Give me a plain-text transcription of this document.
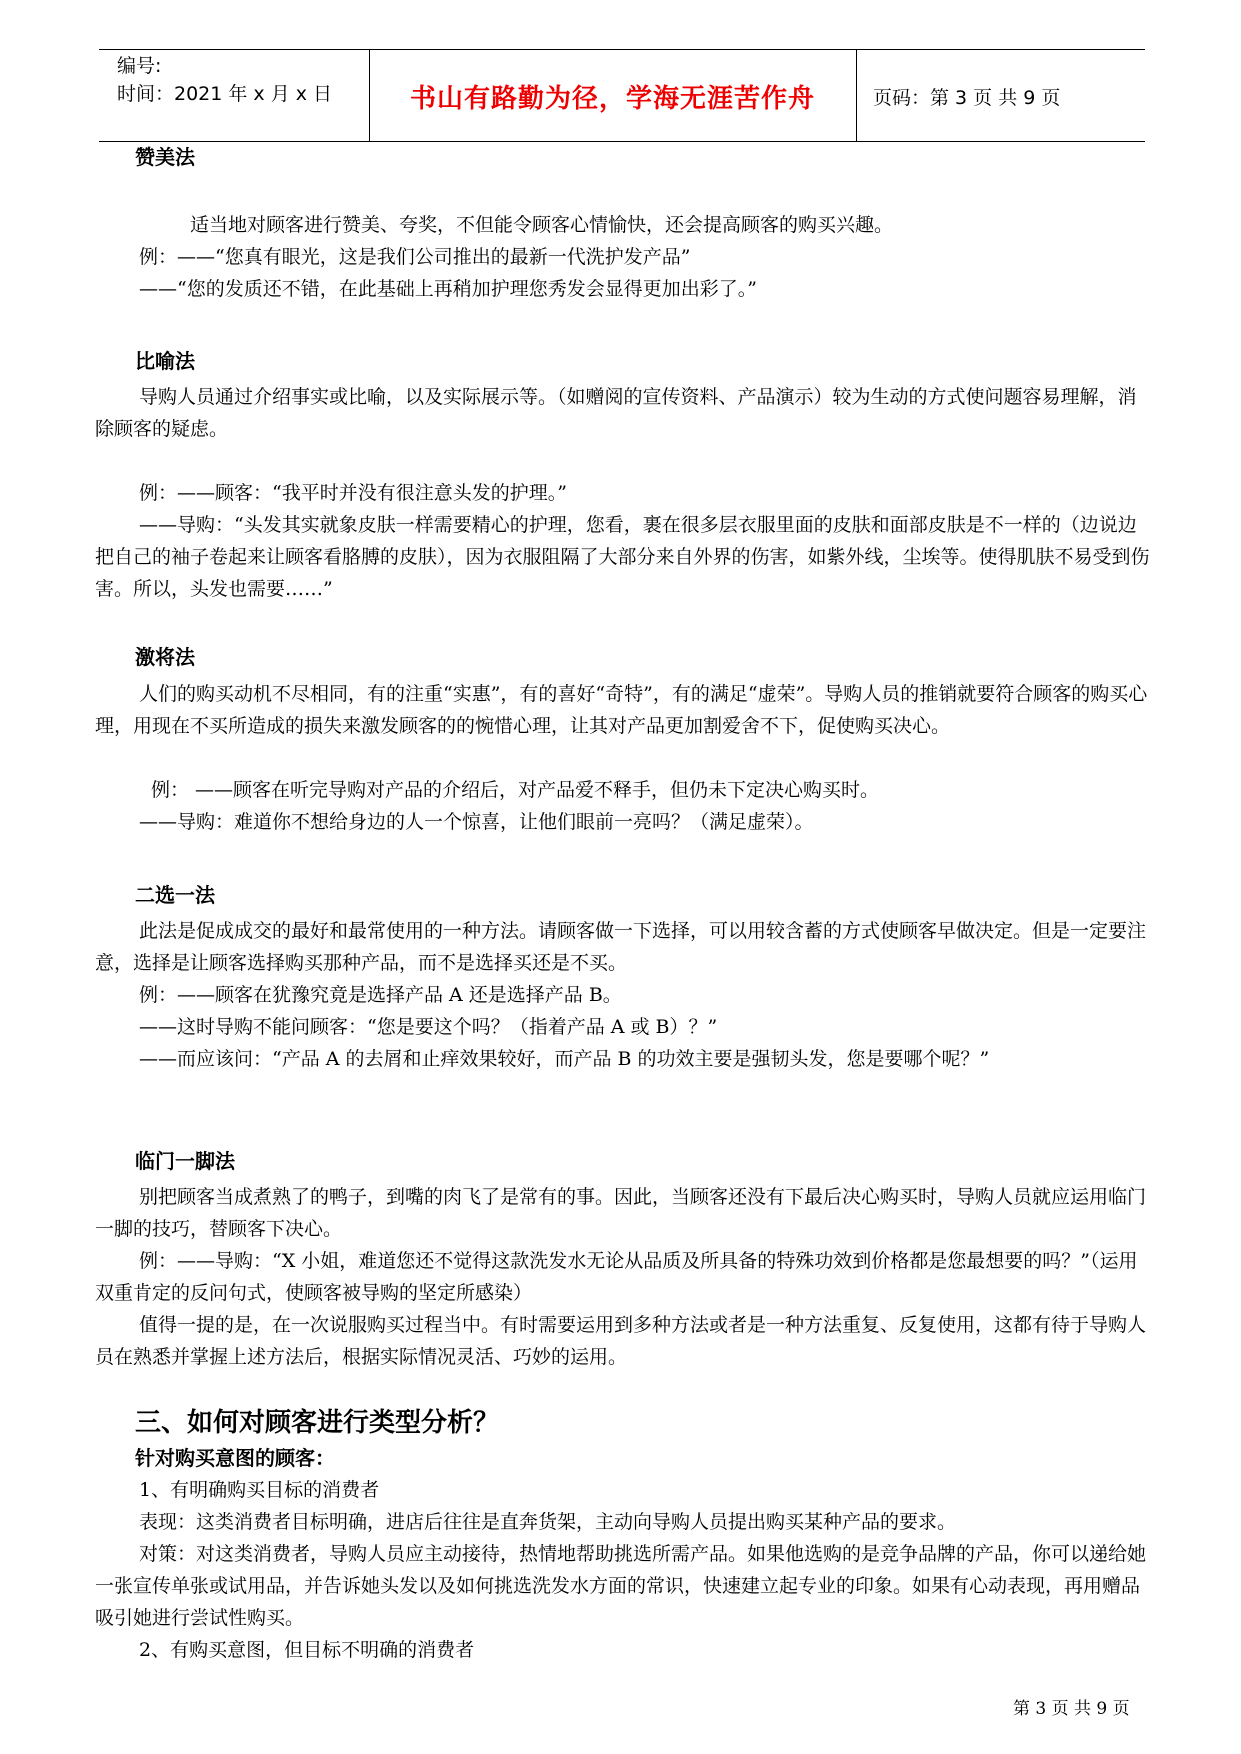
编号:
时间：2021 年 x 月 x 日	书山有路勤为径，学海无涯苦作舟	页码：第 3 页 共 9 页

赞美法

适当地对顾客进行赞美、夸奖，不但能令顾客心情愉快，还会提高顾客的购买兴趣。

例：——“您真有眼光，这是我们公司推出的最新一代洗护发产品”

——“您的发质还不错，在此基础上再稍加护理您秀发会显得更加出彩了。”

比喻法

导购人员通过介绍事实或比喻，以及实际展示等。（如赠阅的宣传资料、产品演示）较为生动的方式使问题容易理解，消除顾客的疑虑。

例：——顾客：“我平时并没有很注意头发的护理。”

——导购：“头发其实就象皮肤一样需要精心的护理，您看，裹在很多层衣服里面的皮肤和面部皮肤是不一样的（边说边把自己的袖子卷起来让顾客看胳膊的皮肤），因为衣服阻隔了大部分来自外界的伤害，如紫外线，尘埃等。使得肌肤不易受到伤害。所以，头发也需要……”

激将法

人们的购买动机不尽相同，有的注重“实惠”，有的喜好“奇特”，有的满足“虚荣”。导购人员的推销就要符合顾客的购买心理，用现在不买所造成的损失来激发顾客的的惋惜心理，让其对产品更加割爱舍不下，促使购买决心。

例： ——顾客在听完导购对产品的介绍后，对产品爱不释手，但仍未下定决心购买时。

——导购：难道你不想给身边的人一个惊喜，让他们眼前一亮吗？（满足虚荣）。

二选一法

此法是促成成交的最好和最常使用的一种方法。请顾客做一下选择，可以用较含蓄的方式使顾客早做决定。但是一定要注意，选择是让顾客选择购买那种产品，而不是选择买还是不买。

例：——顾客在犹豫究竟是选择产品 A 还是选择产品 B。

——这时导购不能问顾客：“您是要这个吗？（指着产品 A 或 B）？”

——而应该问：“产品 A 的去屑和止痒效果较好，而产品 B 的功效主要是强韧头发，您是要哪个呢？”

临门一脚法

别把顾客当成煮熟了的鸭子，到嘴的肉飞了是常有的事。因此，当顾客还没有下最后决心购买时，导购人员就应运用临门一脚的技巧，替顾客下决心。

例：——导购：“X 小姐，难道您还不觉得这款洗发水无论从品质及所具备的特殊功效到价格都是您最想要的吗？”（运用双重肯定的反问句式，使顾客被导购的坚定所感染）

值得一提的是，在一次说服购买过程当中。有时需要运用到多种方法或者是一种方法重复、反复使用，这都有待于导购人员在熟悉并掌握上述方法后，根据实际情况灵活、巧妙的运用。

三、如何对顾客进行类型分析？

针对购买意图的顾客：

1、有明确购买目标的消费者

表现：这类消费者目标明确，进店后往往是直奔货架，主动向导购人员提出购买某种产品的要求。

对策：对这类消费者，导购人员应主动接待，热情地帮助挑选所需产品。如果他选购的是竞争品牌的产品，你可以递给她一张宣传单张或试用品，并告诉她头发以及如何挑选洗发水方面的常识，快速建立起专业的印象。如果有心动表现，再用赠品吸引她进行尝试性购买。

2、有购买意图，但目标不明确的消费者

第 3 页 共 9 页
